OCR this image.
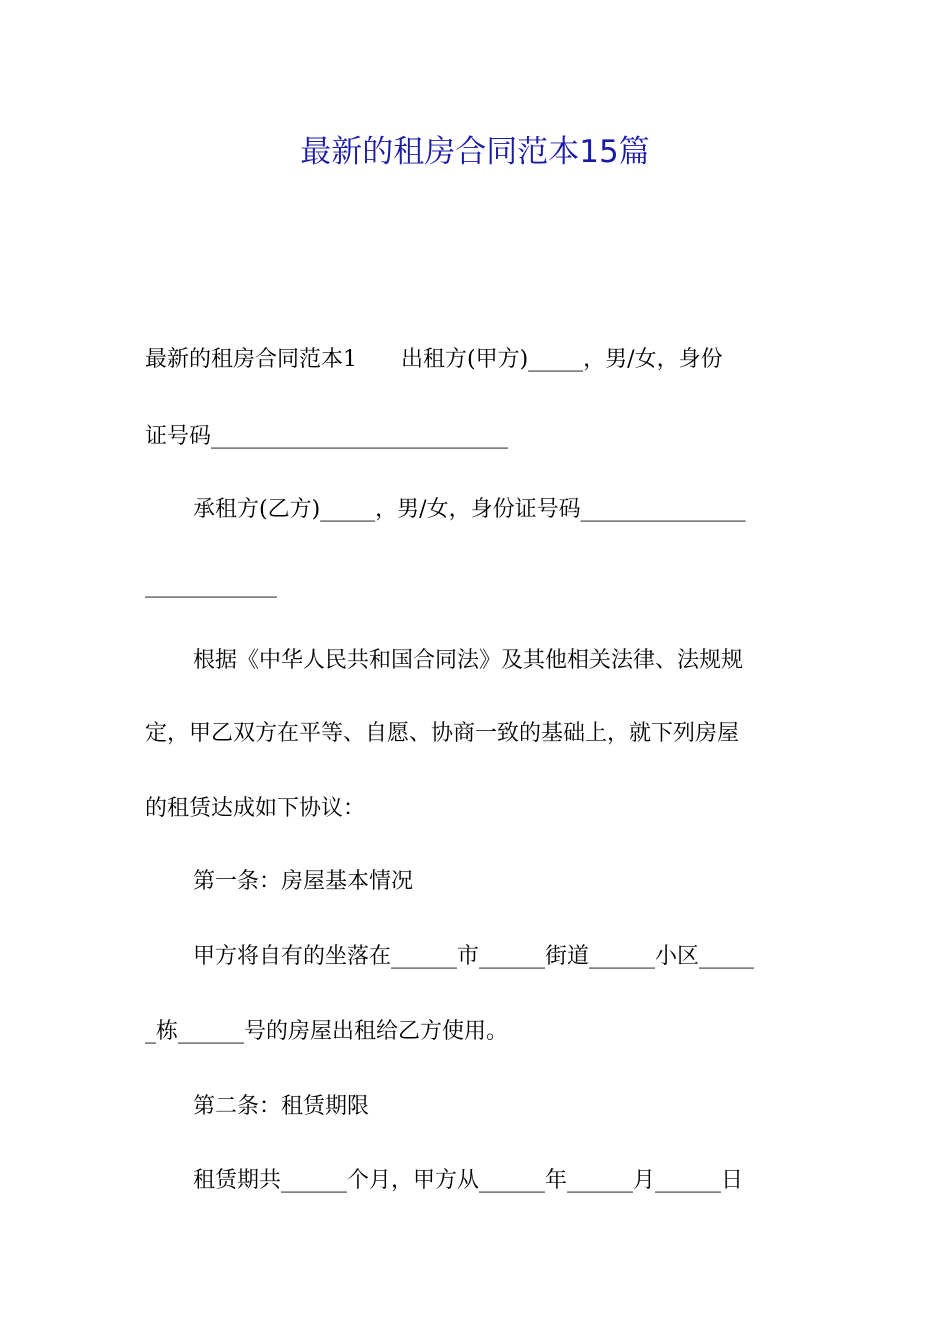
最新的租房合同范本15篇
最新的租房合同范本1　　出租方(甲方)_____，男/女，身份
证号码___________________________
承租方(乙方)_____，男/女，身份证号码_______________
____________
根据《中华人民共和国合同法》及其他相关法律、法规规
定，甲乙双方在平等、自愿、协商一致的基础上，就下列房屋
的租赁达成如下协议：
第一条：房屋基本情况
甲方将自有的坐落在______市______街道______小区_____
_栋______号的房屋出租给乙方使用。
第二条：租赁期限
租赁期共______个月，甲方从______年______月______日
